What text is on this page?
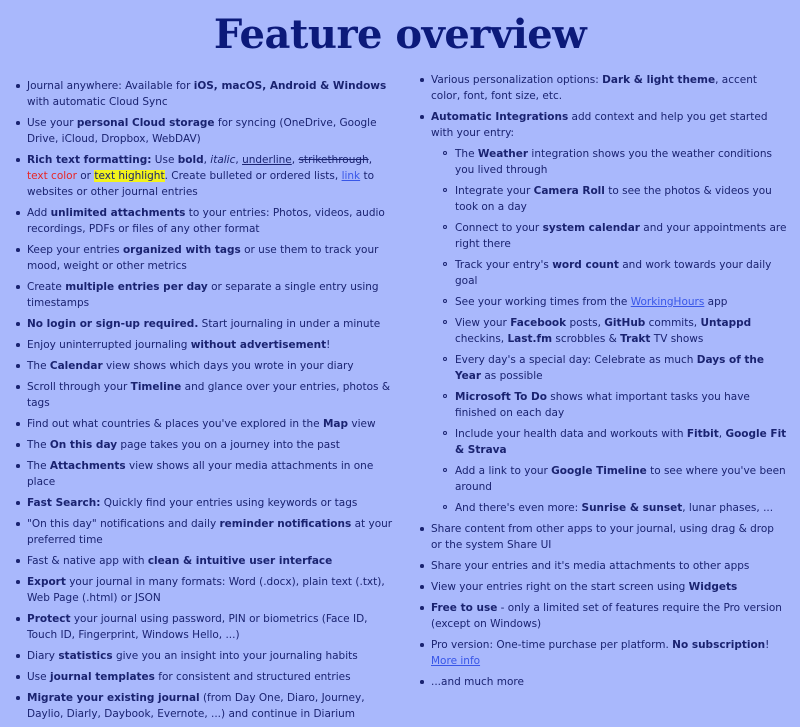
Feature overview
Journal anywhere: Available for iOS, macOS, Android & Windows with automatic Cloud Sync
Use your personal Cloud storage for syncing (OneDrive, Google Drive, iCloud, Dropbox, WebDAV)
Rich text formatting: Use bold, italic, underline, strikethrough, text color or text highlight. Create bulleted or ordered lists, link to websites or other journal entries
Add unlimited attachments to your entries: Photos, videos, audio recordings, PDFs or files of any other format
Keep your entries organized with tags or use them to track your mood, weight or other metrics
Create multiple entries per day or separate a single entry using timestamps
No login or sign-up required. Start journaling in under a minute
Enjoy uninterrupted journaling without advertisement!
The Calendar view shows which days you wrote in your diary
Scroll through your Timeline and glance over your entries, photos & tags
Find out what countries & places you've explored in the Map view
The On this day page takes you on a journey into the past
The Attachments view shows all your media attachments in one place
Fast Search: Quickly find your entries using keywords or tags
"On this day" notifications and daily reminder notifications at your preferred time
Fast & native app with clean & intuitive user interface
Export your journal in many formats: Word (.docx), plain text (.txt), Web Page (.html) or JSON
Protect your journal using password, PIN or biometrics (Face ID, Touch ID, Fingerprint, Windows Hello, ...)
Diary statistics give you an insight into your journaling habits
Use journal templates for consistent and structured entries
Migrate your existing journal (from Day One, Diaro, Journey, Daylio, Diarly, Daybook, Evernote, ...) and continue in Diarium
Various personalization options: Dark & light theme, accent color, font, font size, etc.
Automatic Integrations add context and help you get started with your entry:
The Weather integration shows you the weather conditions you lived through
Integrate your Camera Roll to see the photos & videos you took on a day
Connect to your system calendar and your appointments are right there
Track your entry's word count and work towards your daily goal
See your working times from the WorkingHours app
View your Facebook posts, GitHub commits, Untappd checkins, Last.fm scrobbles & Trakt TV shows
Every day's a special day: Celebrate as much Days of the Year as possible
Microsoft To Do shows what important tasks you have finished on each day
Include your health data and workouts with Fitbit, Google Fit & Strava
Add a link to your Google Timeline to see where you've been around
And there's even more: Sunrise & sunset, lunar phases, ...
Share content from other apps to your journal, using drag & drop or the system Share UI
Share your entries and it's media attachments to other apps
View your entries right on the start screen using Widgets
Free to use - only a limited set of features require the Pro version (except on Windows)
Pro version: One-time purchase per platform. No subscription! More info
...and much more
